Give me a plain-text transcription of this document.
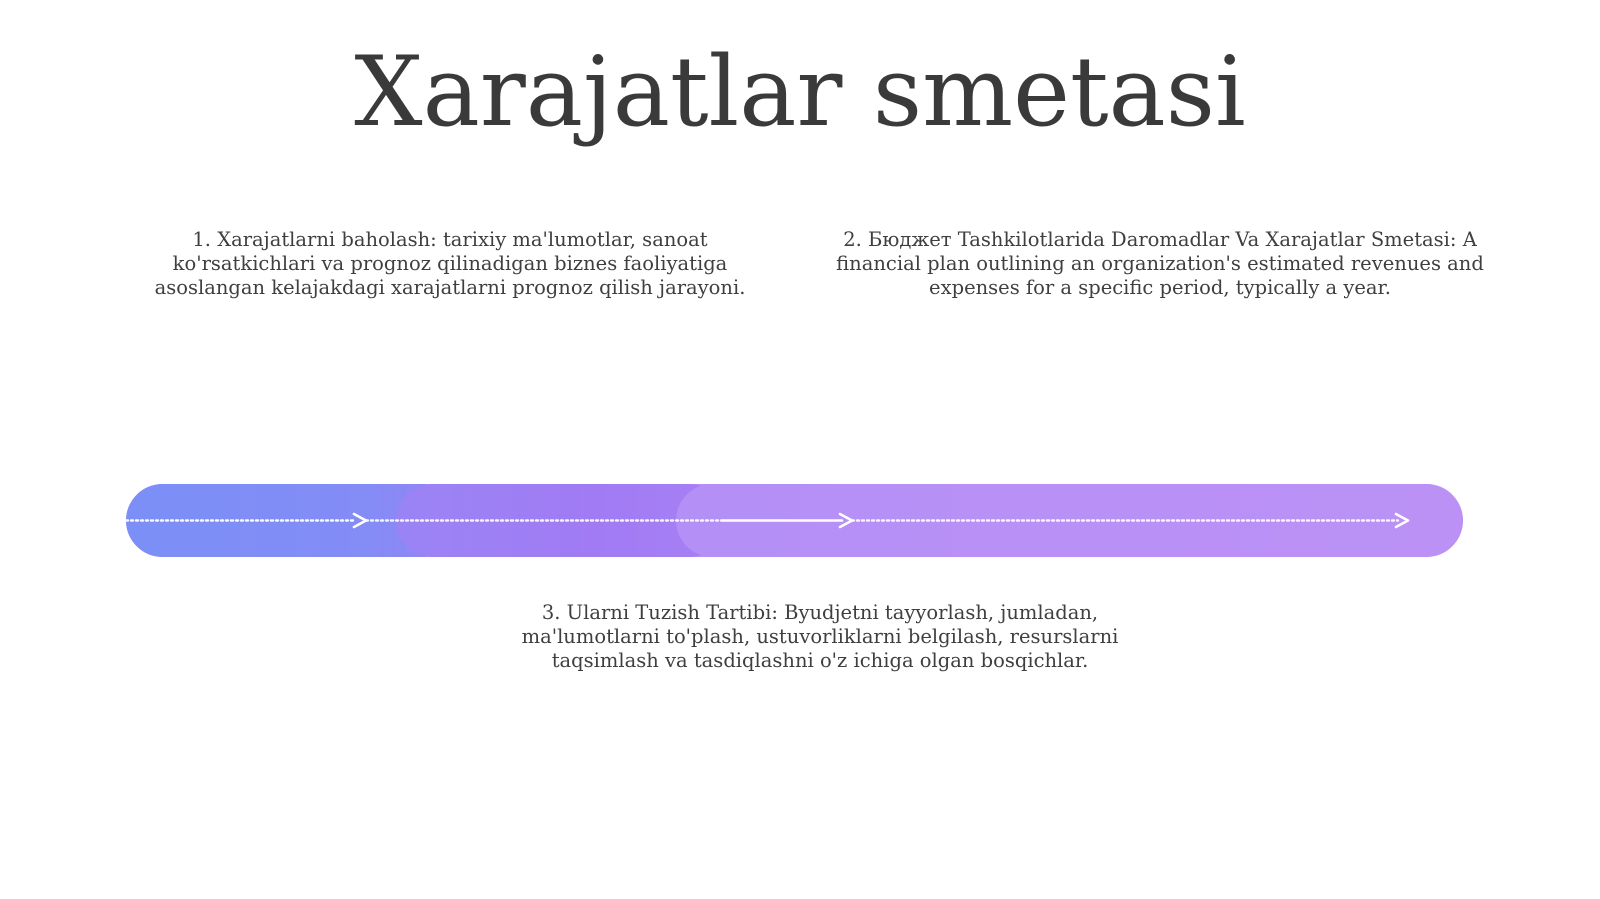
Xarajatlar smetasi
1. Xarajatlarni baholash: tarixiy ma'lumotlar, sanoat ko'rsatkichlari va prognoz qilinadigan biznes faoliyatiga asoslangan kelajakdagi xarajatlarni prognoz qilish jarayoni.
2. Бюджет Tashkilotlarida Daromadlar Va Xarajatlar Smetasi: A financial plan outlining an organization's estimated revenues and expenses for a specific period, typically a year.
3. Ularni Tuzish Tartibi: Byudjetni tayyorlash, jumladan, ma'lumotlarni to'plash, ustuvorliklarni belgilash, resurslarni taqsimlash va tasdiqlashni o'z ichiga olgan bosqichlar.
